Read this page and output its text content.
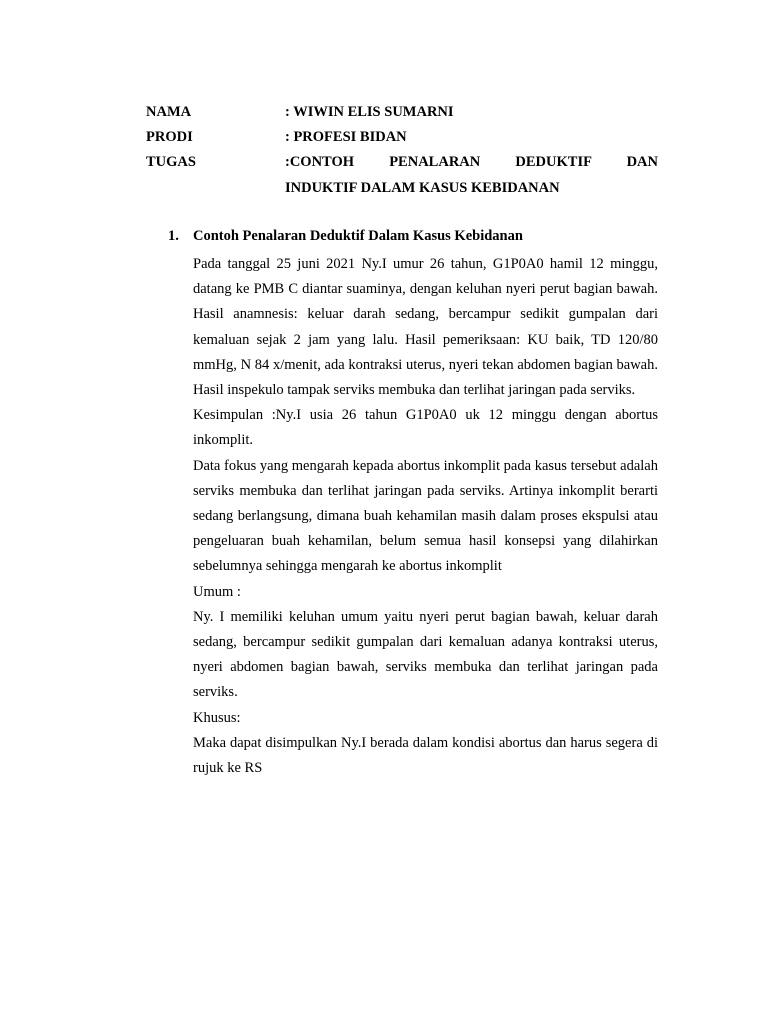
NAMA	: WIWIN ELIS SUMARNI
PRODI	: PROFESI BIDAN
TUGAS	:CONTOH PENALARAN DEDUKTIF DAN
INDUKTIF DALAM KASUS KEBIDANAN
1. Contoh Penalaran Deduktif Dalam Kasus Kebidanan

Pada tanggal 25 juni 2021 Ny.I umur 26 tahun, G1P0A0 hamil 12 minggu, datang ke PMB C diantar suaminya, dengan keluhan nyeri perut bagian bawah. Hasil anamnesis: keluar darah sedang, bercampur sedikit gumpalan dari kemaluan sejak 2 jam yang lalu. Hasil pemeriksaan: KU baik, TD 120/80 mmHg, N 84 x/menit, ada kontraksi uterus, nyeri tekan abdomen bagian bawah. Hasil inspekulo tampak serviks membuka dan terlihat jaringan pada serviks.

Kesimpulan :Ny.I usia 26 tahun G1P0A0 uk 12 minggu dengan abortus inkomplit.

Data fokus yang mengarah kepada abortus inkomplit pada kasus tersebut adalah serviks membuka dan terlihat jaringan pada serviks. Artinya inkomplit berarti sedang berlangsung, dimana buah kehamilan masih dalam proses ekspulsi atau pengeluaran buah kehamilan, belum semua hasil konsepsi yang dilahirkan sebelumnya sehingga mengarah ke abortus inkomplit

Umum :

Ny. I memiliki keluhan umum yaitu nyeri perut bagian bawah, keluar darah sedang, bercampur sedikit gumpalan dari kemaluan adanya kontraksi uterus, nyeri abdomen bagian bawah, serviks membuka dan terlihat jaringan pada serviks.

Khusus:

Maka dapat disimpulkan Ny.I berada dalam kondisi abortus dan harus segera di rujuk ke RS
